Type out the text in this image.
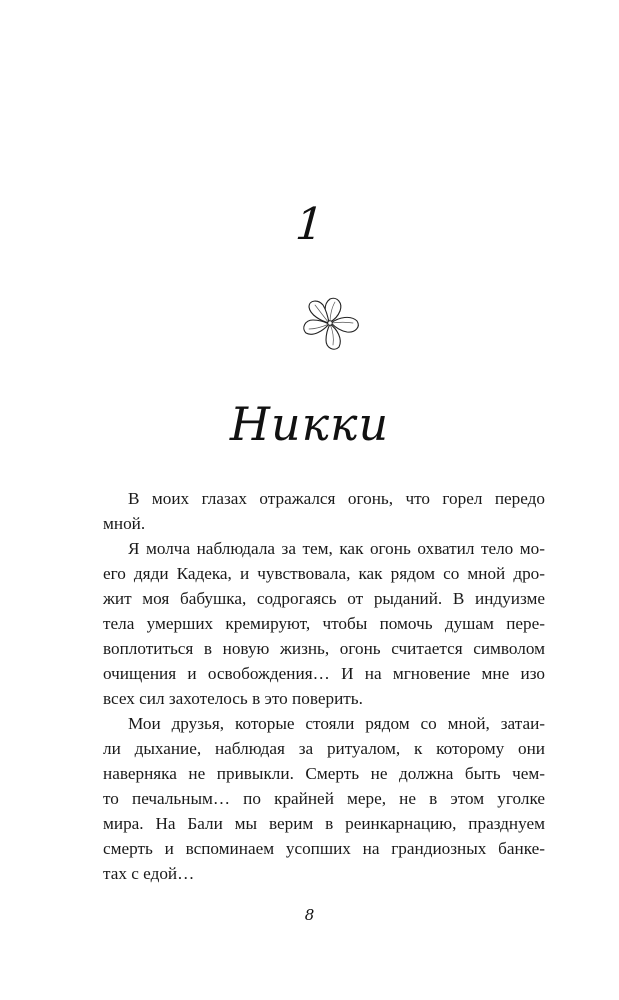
1
Никки
В моих глазах отражался огонь, что горел передо
мной.
Я молча наблюдала за тем, как огонь охватил тело мо-
его дяди Кадека, и чувствовала, как рядом со мной дро-
жит моя бабушка, содрогаясь от рыданий. В индуизме
тела умерших кремируют, чтобы помочь душам пере-
воплотиться в новую жизнь, огонь считается символом
очищения и освобождения… И на мгновение мне изо
всех сил захотелось в это поверить.
Мои друзья, которые стояли рядом со мной, затаи-
ли дыхание, наблюдая за ритуалом, к которому они
наверняка не привыкли. Смерть не должна быть чем-
то печальным… по крайней мере, не в этом уголке
мира. На Бали мы верим в реинкарнацию, празднуем
смерть и вспоминаем усопших на грандиозных банке-
тах с едой…
8
